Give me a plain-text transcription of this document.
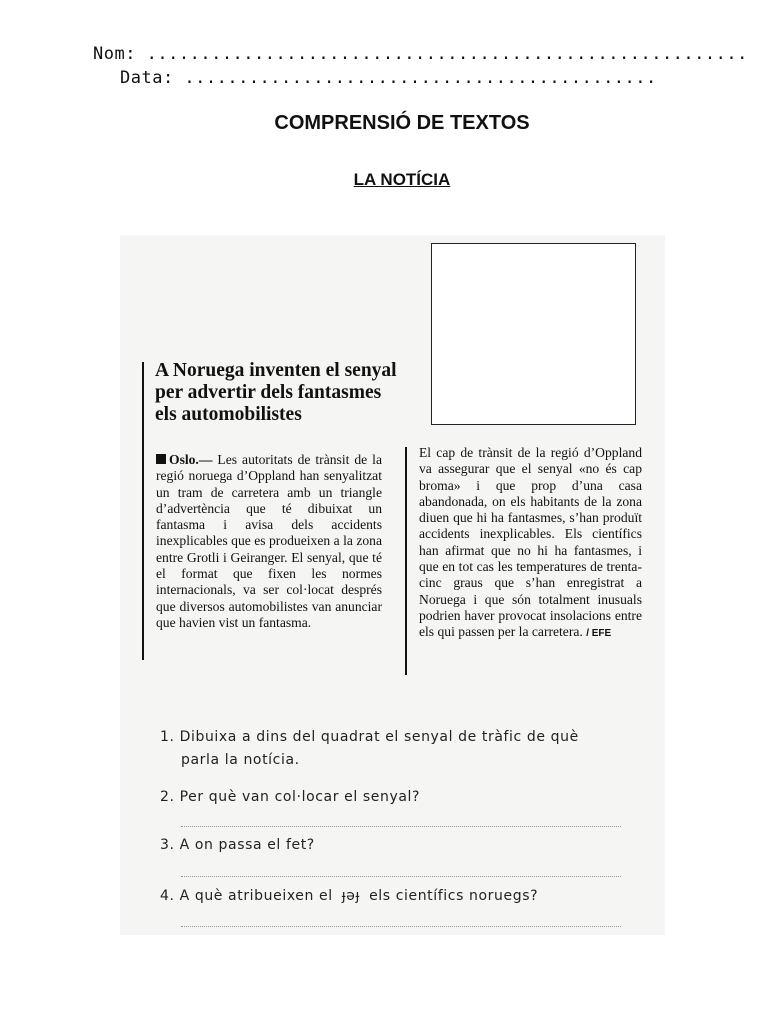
Nom: ........................................................
Data: ............................................
COMPRENSIÓ DE TEXTOS
LA NOTÍCIA
A Noruega inventen el senyal per advertir dels fantasmes els automobilistes
Oslo.— Les autoritats de trànsit de la regió noruega d’Oppland han senyalitzat un tram de carretera amb un triangle d’advertència que té dibuixat un fantasma i avisa dels accidents inexplicables que es produeixen a la zona entre Grotli i Geiranger. El senyal, que té el format que fixen les normes internacionals, va ser col·locat després que diversos automobilistes van anunciar que havien vist un fantasma.
El cap de trànsit de la regió d’Oppland va assegurar que el senyal «no és cap broma» i que prop d’una casa abandonada, on els habitants de la zona diuen que hi ha fantasmes, s’han produït accidents inexplicables. Els científics han afirmat que no hi ha fantasmes, i que en tot cas les temperatures de trenta-cinc graus que s’han enregistrat a Noruega i que són totalment inusuals podrien haver provocat insolacions entre els qui passen per la carretera. / EFE
1. Dibuixa a dins del quadrat el senyal de tràfic de què
parla la notícia.
2. Per què van col·locar el senyal?
3. A on passa el fet?
4. A què atribueixen el ɟǝɟ els científics noruegs?
